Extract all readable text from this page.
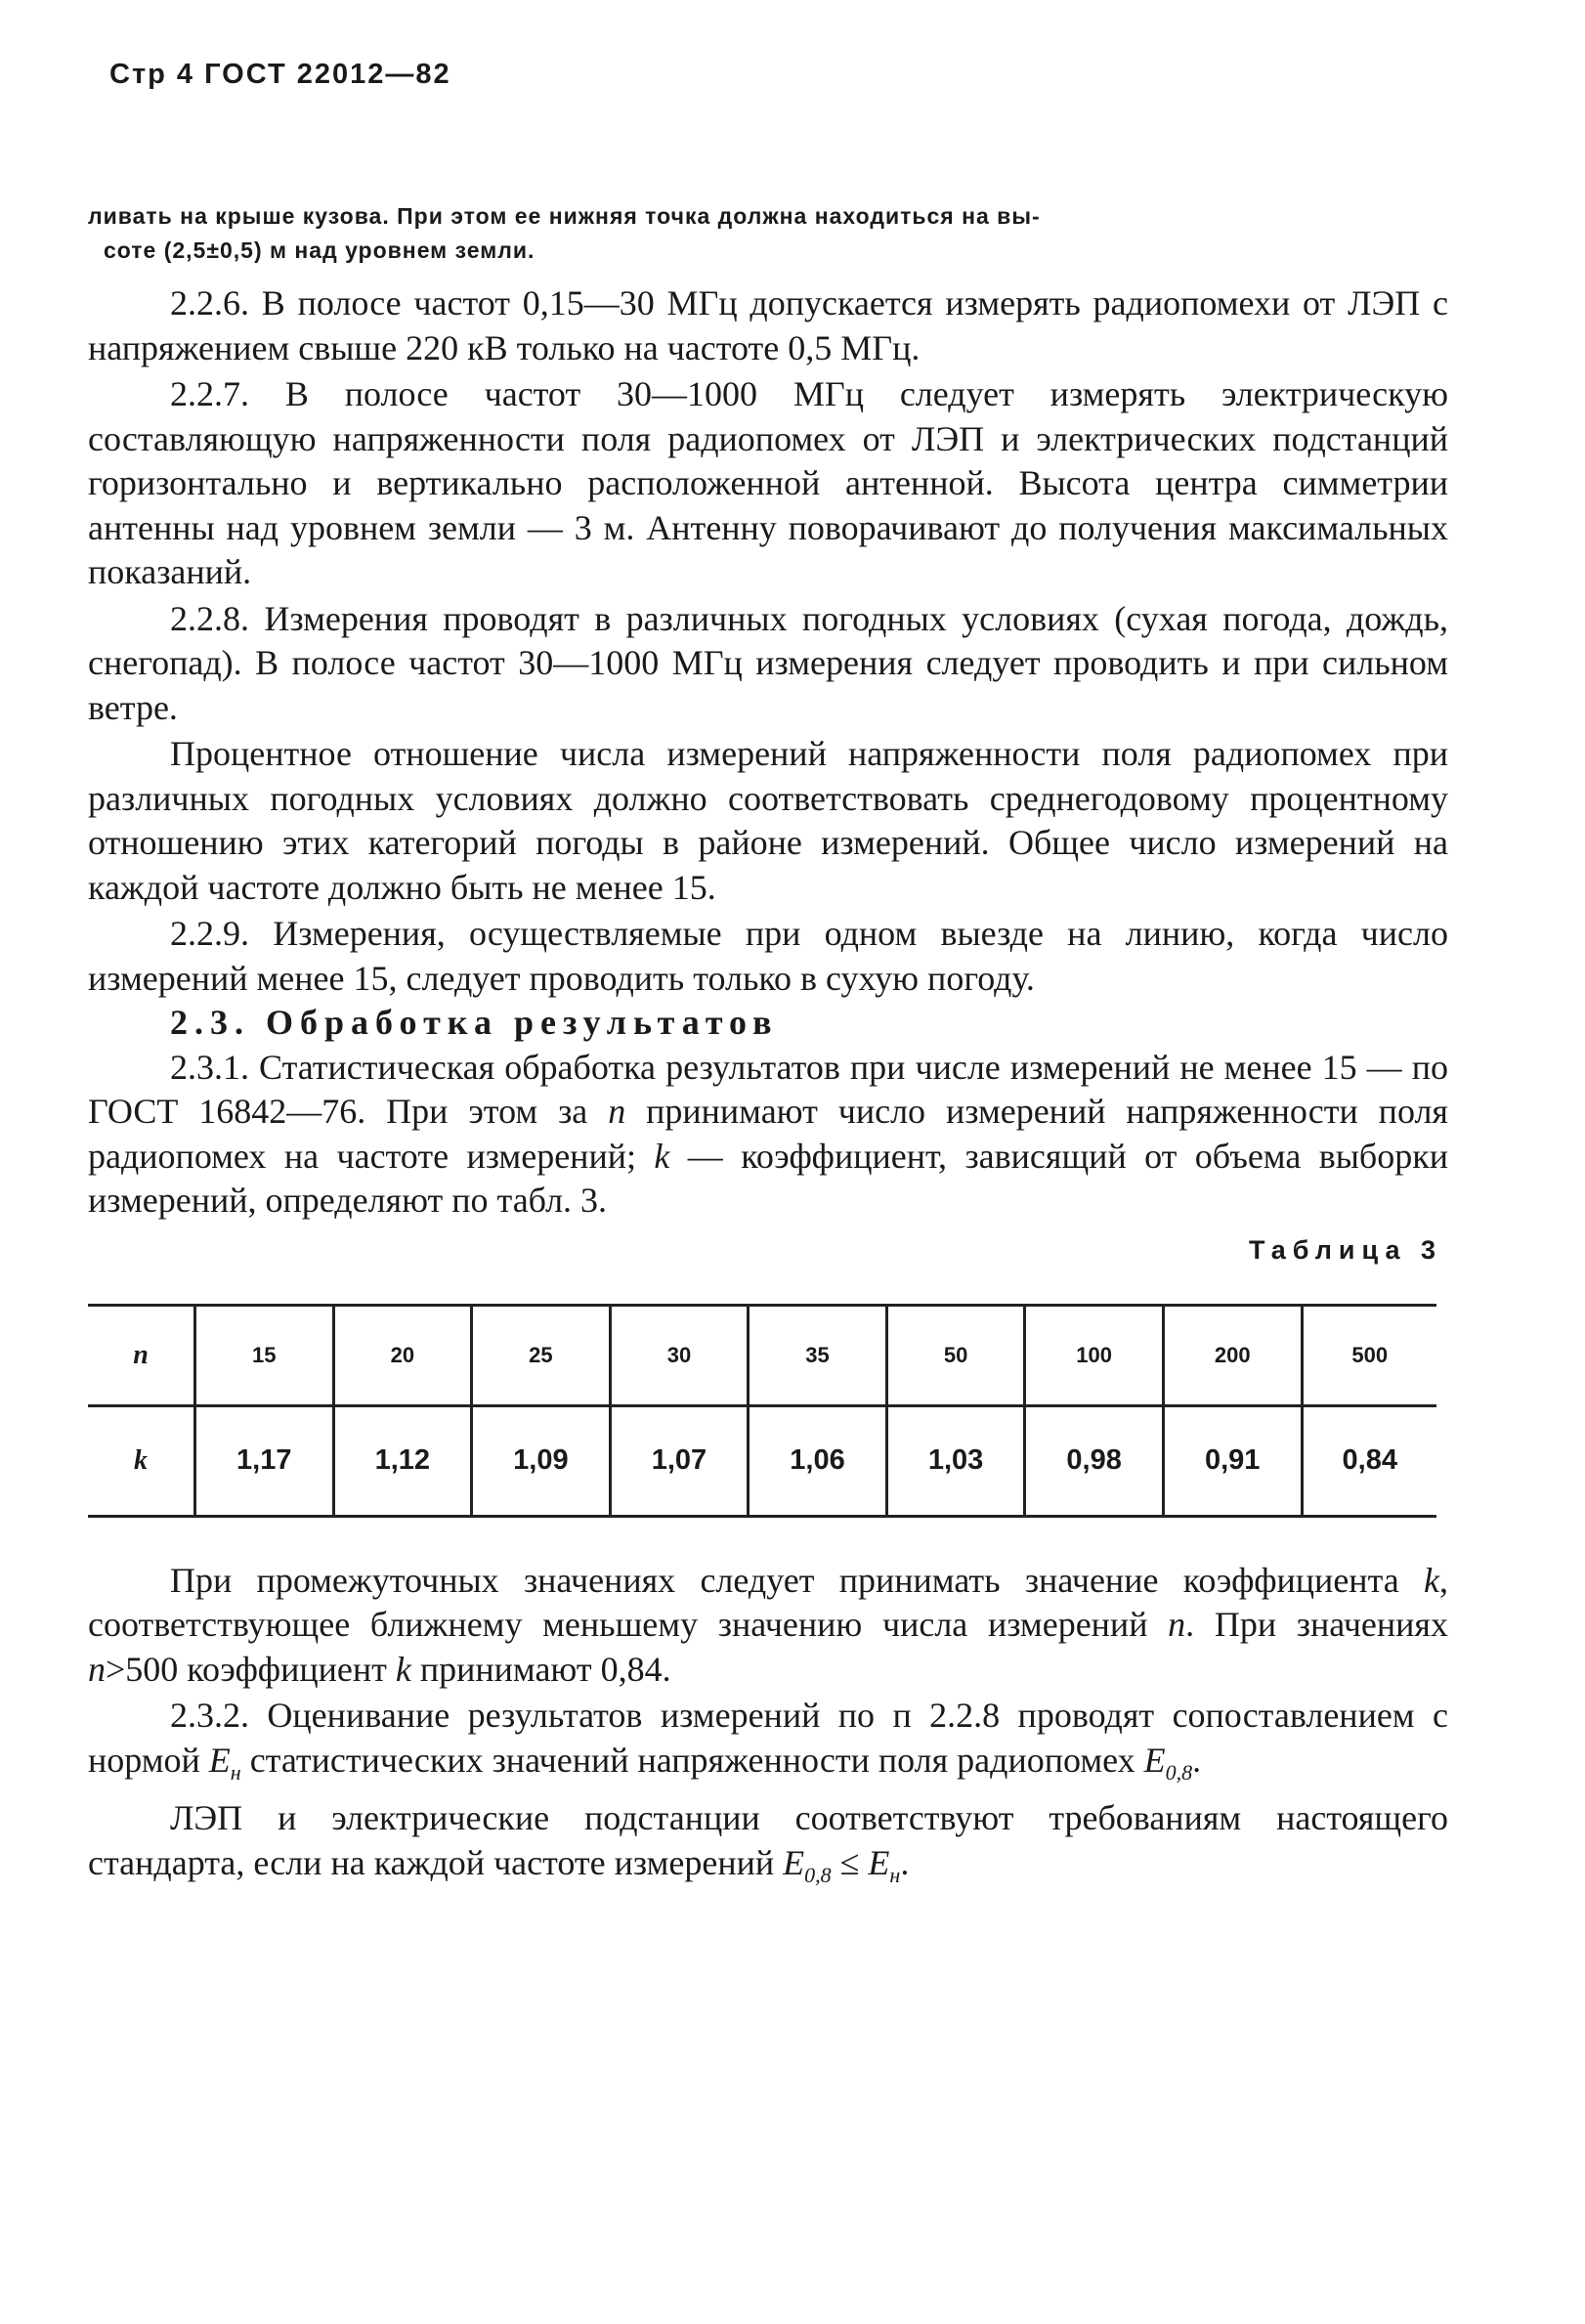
Стр 4 ГОСТ 22012—82
ливать на крыше кузова. При этом ее нижняя точка должна находиться на вы-
соте (2,5±0,5) м над уровнем земли.

2.2.6. В полосе частот 0,15—30 МГц допускается измерять радиопомехи от ЛЭП с напряжением свыше 220 кВ только на частоте 0,5 МГц.

2.2.7. В полосе частот 30—1000 МГц следует измерять электрическую составляющую напряженности поля радиопомех от ЛЭП и электрических подстанций горизонтально и вертикально расположенной антенной. Высота центра симметрии антенны над уровнем земли — 3 м. Антенну поворачивают до получения максимальных показаний.

2.2.8. Измерения проводят в различных погодных условиях (сухая погода, дождь, снегопад). В полосе частот 30—1000 МГц измерения следует проводить и при сильном ветре.

Процентное отношение числа измерений напряженности поля радиопомех при различных погодных условиях должно соответствовать среднегодовому процентному отношению этих категорий погоды в районе измерений. Общее число измерений на каждой частоте должно быть не менее 15.

2.2.9. Измерения, осуществляемые при одном выезде на линию, когда число измерений менее 15, следует проводить только в сухую погоду.

2.3. Обработка результатов

2.3.1. Статистическая обработка результатов при числе измерений не менее 15 — по ГОСТ 16842—76. При этом за n принимают число измерений напряженности поля радиопомех на частоте измерений; k — коэффициент, зависящий от объема выборки измерений, определяют по табл. 3.

Таблица 3
n	15	20	25	30	35	50	100	200	500
k	1,17	1,12	1,09	1,07	1,06	1,03	0,98	0,91	0,84

При промежуточных значениях следует принимать значение коэффициента k, соответствующее ближнему меньшему значению числа измерений n. При значениях n>500 коэффициент k принимают 0,84.

2.3.2. Оценивание результатов измерений по п 2.2.8 проводят сопоставлением с нормой $E_н$ статистических значений напряженности поля радиопомех $E_{0,8}$.

ЛЭП и электрические подстанции соответствуют требованиям настоящего стандарта, если на каждой частоте измерений $E_{0,8} \le E_н$.
